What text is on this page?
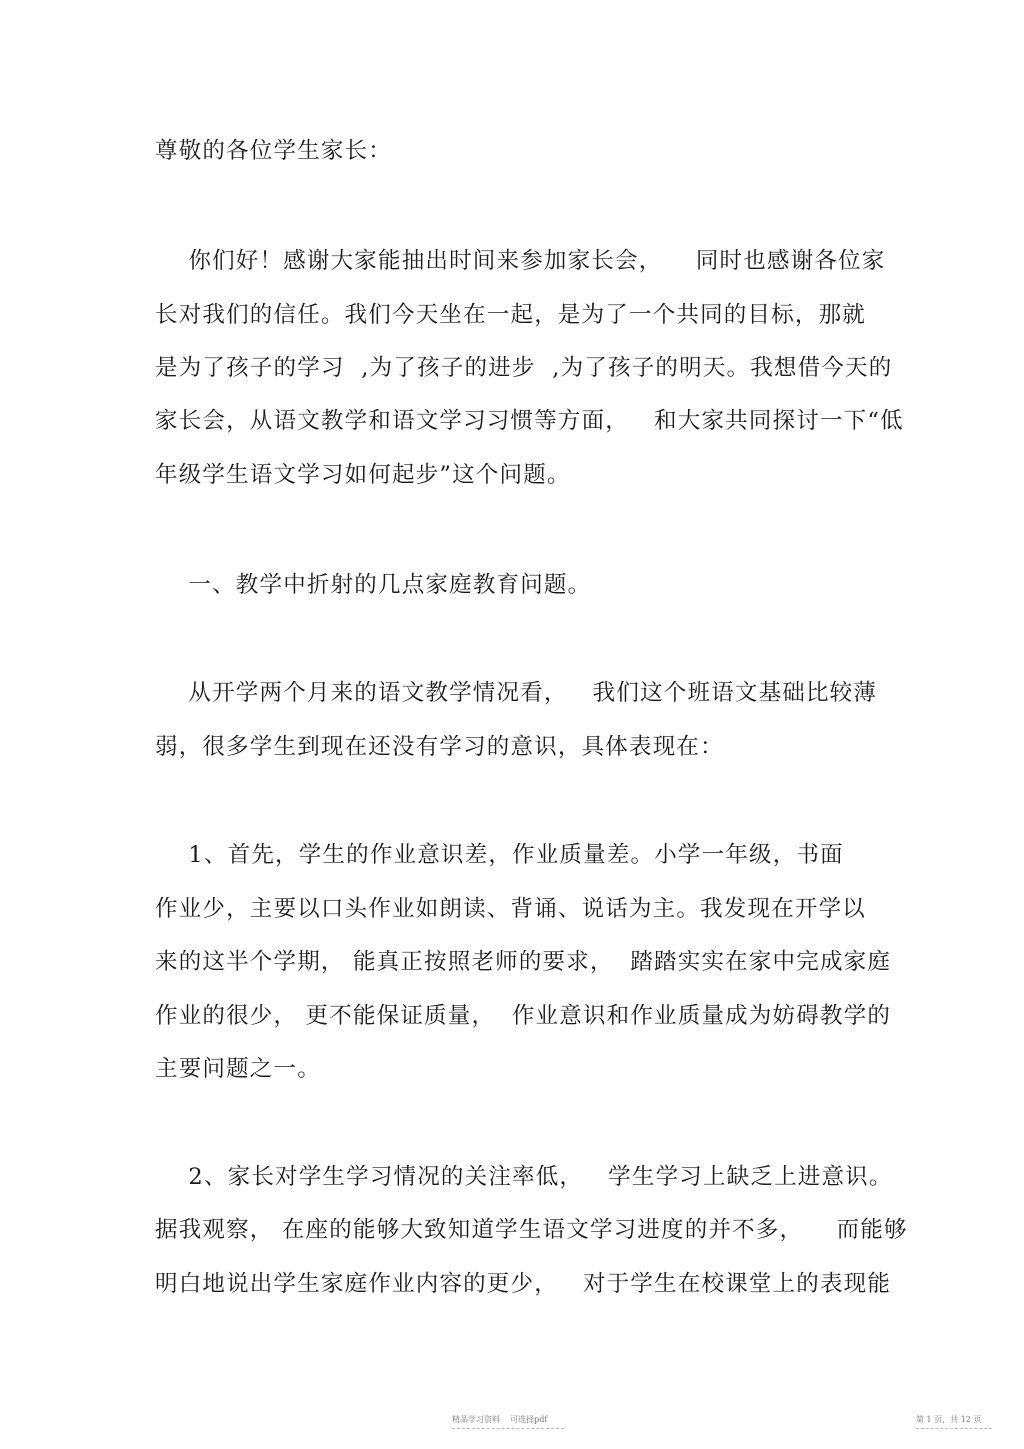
尊敬的各位学生家长：
你们好！感谢大家能抽出时间来参加家长会，    同时也感谢各位家
长对我们的信任。我们今天坐在一起，是为了一个共同的目标，那就
是为了孩子的学习  ,为了孩子的进步  ,为了孩子的明天。我想借今天的
家长会，从语文教学和语文学习习惯等方面，   和大家共同探讨一下“低
年级学生语文学习如何起步”这个问题。
一、教学中折射的几点家庭教育问题。
从开学两个月来的语文教学情况看，   我们这个班语文基础比较薄
弱，很多学生到现在还没有学习的意识，具体表现在：
1、首先，学生的作业意识差，作业质量差。小学一年级，书面
作业少，主要以口头作业如朗读、背诵、说话为主。我发现在开学以
来的这半个学期， 能真正按照老师的要求，  踏踏实实在家中完成家庭
作业的很少， 更不能保证质量，  作业意识和作业质量成为妨碍教学的
主要问题之一。
2、家长对学生学习情况的关注率低，   学生学习上缺乏上进意识。
据我观察， 在座的能够大致知道学生语文学习进度的并不多，    而能够
明白地说出学生家庭作业内容的更少，   对于学生在校课堂上的表现能
精品学习资料    可选择pdf	第 1 页，共 12 页
